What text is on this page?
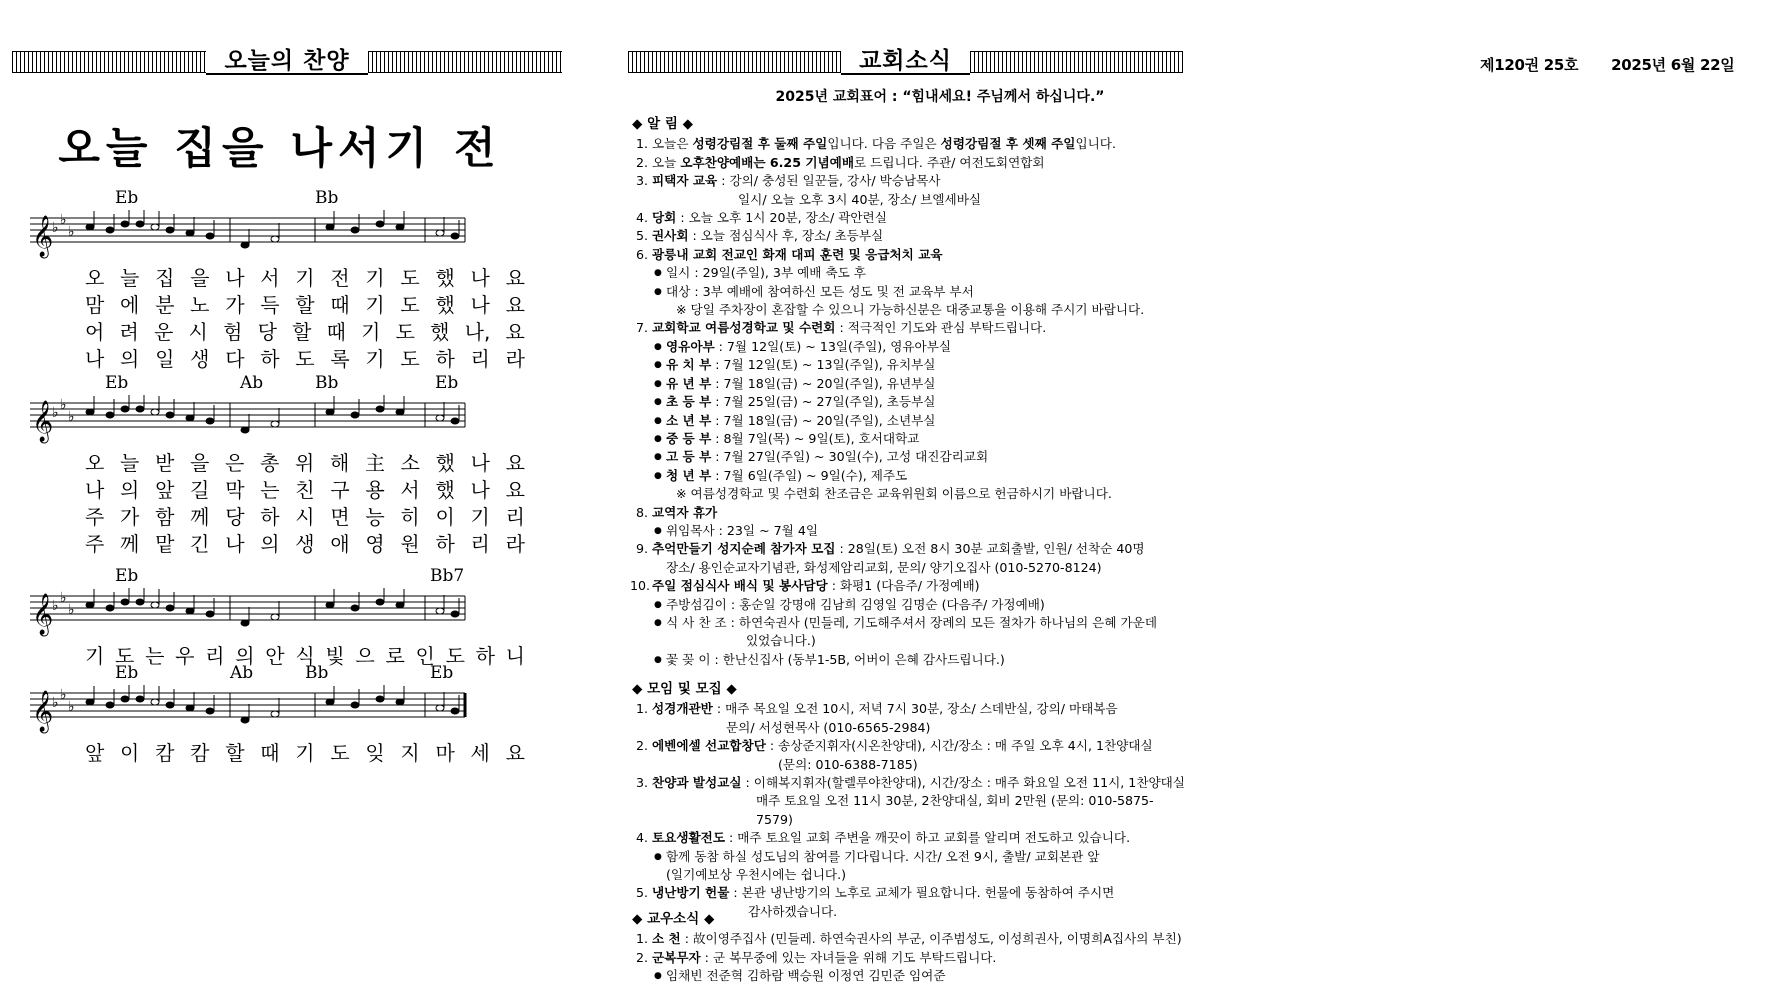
오늘의 찬양
오늘 집을 나서기 전
Eb	Bb
𝄞
♭ ♭
♭
오 늘 집 을 나 서 기 전 기 도 했 나 요
맘 에 분 노 가 득 할 때 기 도 했 나 요
어 려 운 시 험 당 할 때 기 도 했 나, 요
나 의 일 생 다 하 도 록 기 도 하 리 라
Eb	Ab	Bb	Eb
𝄞
♭ ♭
♭
오 늘 받 을 은 총 위 해 主 소 했 나 요
나 의 앞 길 막 는 친 구 용 서 했 나 요
주 가 함 께 당 하 시 면 능 히 이 기 리
주 께 맡 긴 나 의 생 애 영 원 하 리 라
Eb	Bb7
𝄞
♭ ♭
♭
기 도 는 우 리 의 안 식 빛 으 로 인 도 하 니
Eb	Ab	Bb	Eb
𝄞
♭ ♭
♭
앞 이 캄 캄 할 때 기 도 잊 지 마 세 요
교회소식
2025년 교회표어 : “힘내세요! 주님께서 하십니다.”
◆ 알 림 ◆
1. 오늘은 성령강림절 후 둘째 주일입니다. 다음 주일은 성령강림절 후 셋째 주일입니다.
2. 오늘 오후찬양예배는 6.25 기념예배로 드립니다. 주관/ 여전도회연합회
3. 피택자 교육 : 강의/ 충성된 일꾼들, 강사/ 박승남목사
일시/ 오늘 오후 3시 40분, 장소/ 브엘세바실
4. 당회 : 오늘 오후 1시 20분, 장소/ 곽안련실
5. 권사회 : 오늘 점심식사 후, 장소/ 초등부실
6. 광릉내 교회 전교인 화재 대피 훈련 및 응급처치 교육
● 일시 : 29일(주일), 3부 예배 축도 후
● 대상 : 3부 예배에 참여하신 모든 성도 및 전 교육부 부서
※ 당일 주차장이 혼잡할 수 있으니 가능하신분은 대중교통을 이용해 주시기 바랍니다.
7. 교회학교 여름성경학교 및 수련회 : 적극적인 기도와 관심 부탁드립니다.
● 영유아부 : 7월 12일(토) ~ 13일(주일), 영유아부실
● 유 치 부 : 7월 12일(토) ~ 13일(주일), 유치부실
● 유 년 부 : 7월 18일(금) ~ 20일(주일), 유년부실
● 초 등 부 : 7월 25일(금) ~ 27일(주일), 초등부실
● 소 년 부 : 7월 18일(금) ~ 20일(주일), 소년부실
● 중 등 부 : 8월 7일(목) ~ 9일(토), 호서대학교
● 고 등 부 : 7월 27일(주일) ~ 30일(수), 고성 대진감리교회
● 청 년 부 : 7월 6일(주일) ~ 9일(수), 제주도
※ 여름성경학교 및 수련회 찬조금은 교육위원회 이름으로 헌금하시기 바랍니다.
8. 교역자 휴가
● 위임목사 : 23일 ~ 7월 4일
9. 추억만들기 성지순례 참가자 모집 : 28일(토) 오전 8시 30분 교회출발, 인원/ 선착순 40명
장소/ 용인순교자기념관, 화성제암리교회, 문의/ 양기오집사 (010-5270-8124)
10. 주일 점심식사 배식 및 봉사담당 : 화평1 (다음주/ 가정예배)
● 주방섬김이 : 홍순일 강명애 김남희 김영일 김명순 (다음주/ 가정예배)
● 식 사 찬 조 : 하연숙권사 (민들레, 기도해주셔서 장례의 모든 절차가 하나님의 은혜 가운데
있었습니다.)
● 꽃 꽂 이 : 한난신집사 (동부1-5B, 어버이 은혜 감사드립니다.)
◆ 모임 및 모집 ◆
1. 성경개관반 : 매주 목요일 오전 10시, 저녁 7시 30분, 장소/ 스데반실, 강의/ 마태복음
문의/ 서성현목사 (010-6565-2984)
2. 에벤에셀 선교합창단 : 송상준지휘자(시온찬양대), 시간/장소 : 매 주일 오후 4시, 1찬양대실
(문의: 010-6388-7185)
3. 찬양과 발성교실 : 이해복지휘자(할렐루야찬양대), 시간/장소 : 매주 화요일 오전 11시, 1찬양대실
매주 토요일 오전 11시 30분, 2찬양대실, 회비 2만원 (문의: 010-5875-7579)
4. 토요생활전도 : 매주 토요일 교회 주변을 깨끗이 하고 교회를 알리며 전도하고 있습니다.
● 함께 동참 하실 성도님의 참여를 기다립니다. 시간/ 오전 9시, 출발/ 교회본관 앞
(일기예보상 우천시에는 쉽니다.)
5. 냉난방기 헌물 : 본관 냉난방기의 노후로 교체가 필요합니다. 헌물에 동참하여 주시면
감사하겠습니다.
◆ 교우소식 ◆
1. 소 천 : 故이영주집사 (민들레. 하연숙권사의 부군, 이주범성도, 이성희권사, 이명희A집사의 부친)
2. 군복무자 : 군 복무중에 있는 자녀들을 위해 기도 부탁드립니다.
● 임채빈 전준혁 김하람 백승원 이정연 김민준 임여준
제120권 25호 2025년 6월 22일
